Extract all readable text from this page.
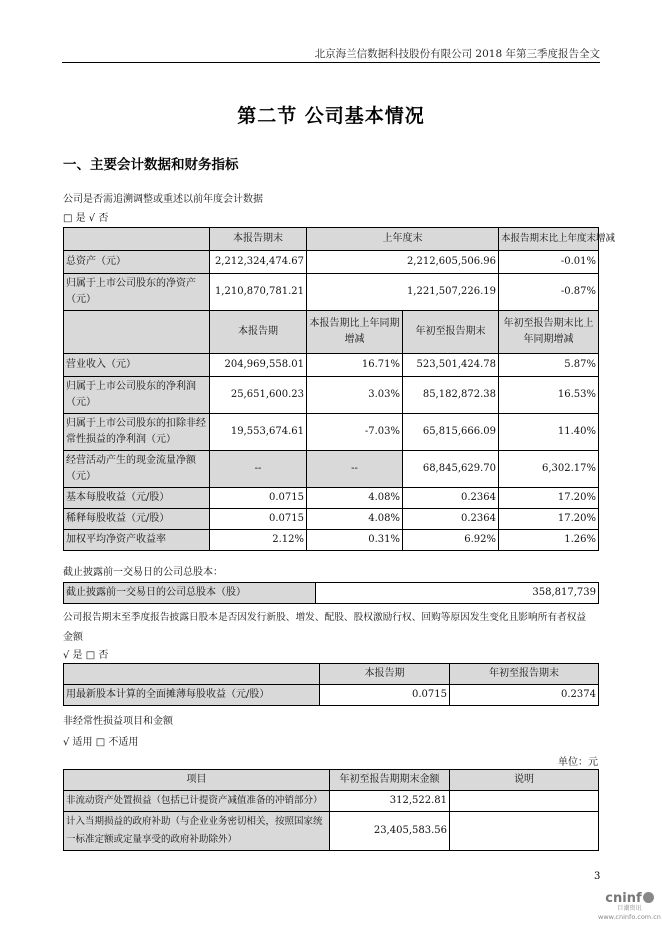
北京海兰信数据科技股份有限公司 2018 年第三季度报告全文
第二节 公司基本情况
一、主要会计数据和财务指标
公司是否需追溯调整或重述以前年度会计数据
□ 是 √ 否
	本报告期末	上年度末		本报告期末比上年度末增减
总资产（元）	2,212,324,474.67	2,212,605,506.96		-0.01%
归属于上市公司股东的净资产（元）	1,210,870,781.21	1,221,507,226.19		-0.87%
	本报告期	本报告期比上年同期增减	年初至报告期末	年初至报告期末比上年同期增减
营业收入（元）	204,969,558.01	16.71%	523,501,424.78	5.87%
归属于上市公司股东的净利润（元）	25,651,600.23	3.03%	85,182,872.38	16.53%
归属于上市公司股东的扣除非经常性损益的净利润（元）	19,553,674.61	-7.03%	65,815,666.09	11.40%
经营活动产生的现金流量净额（元）	--	--	68,845,629.70	6,302.17%
基本每股收益（元/股）	0.0715	4.08%	0.2364	17.20%
稀释每股收益（元/股）	0.0715	4.08%	0.2364	17.20%
加权平均净资产收益率	2.12%	0.31%	6.92%	1.26%
截止披露前一交易日的公司总股本：
截止披露前一交易日的公司总股本（股）	358,817,739
公司报告期末至季度报告披露日股本是否因发行新股、增发、配股、股权激励行权、回购等原因发生变化且影响所有者权益
金额
√ 是 □ 否
	本报告期	年初至报告期末
用最新股本计算的全面摊薄每股收益（元/股）	0.0715	0.2374
非经常性损益项目和金额
√ 适用 □ 不适用
单位：元
项目	年初至报告期期末金额	说明
非流动资产处置损益（包括已计提资产减值准备的冲销部分）	312,522.81	
计入当期损益的政府补助（与企业业务密切相关，按照国家统一标准定额或定量享受的政府补助除外）	23,405,583.56	
3
cninf
巨潮资讯
www.cninfo.com.cn
